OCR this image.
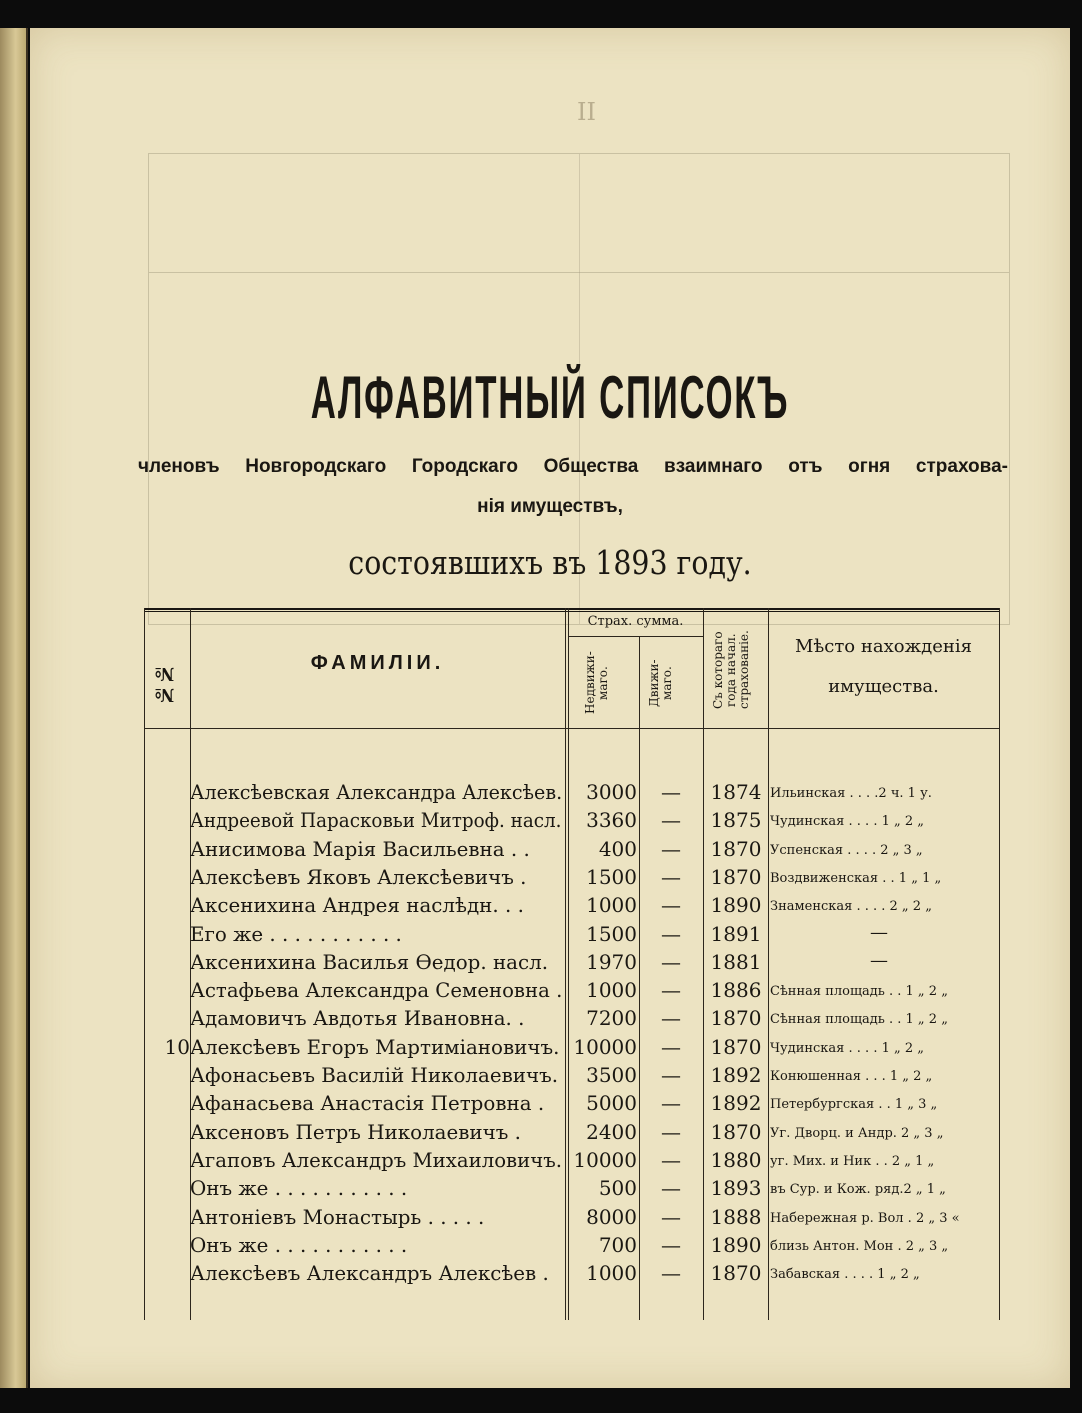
II
АЛФАВИТНЫЙ СПИСОКЪ
членовъ Новгородскаго Городскаго Общества взаимнаго отъ огня страхова-
нія имуществъ,
состоявшихъ въ 1893 году.
№№	ФАМИЛІИ.
Страх. сумма.
Недвижи-
маго.	Движи-
маго.
Съ котораго
года начал.
страхованіе.	Мѣсто нахожденія
имущества.
Алексѣевская Александра Алексѣев.	3000	—	1874 Ильинская . . . .2 ч. 1 у.
Андреевой Парасковьи Митроф. насл.	3360	—	1875 Чудинская . . . . 1 „ 2 „
Анисимова Марія Васильевна . .	400	—	1870 Успенская . . . . 2 „ 3 „
Алексѣевъ Яковъ Алексѣевичъ .	1500	—	1870 Воздвиженская . . 1 „ 1 „
Аксенихина Андрея наслѣдн. . .	1000	—	1890 Знаменская . . . . 2 „ 2 „
Его же . . . . . . . . . . .	1500	—	1891	—
Аксенихина Василья Ѳедор. насл.	1970	—	1881	—
Астафьева Александра Семеновна .	1000	—	1886 Сѣнная площадь . . 1 „ 2 „
Адамовичъ Авдотья Ивановна. .	7200	—	1870 Сѣнная площадь . . 1 „ 2 „
10 Алексѣевъ Егоръ Мартиміановичъ. 10000	—	1870 Чудинская . . . . 1 „ 2 „
Афонасьевъ Василій Николаевичъ.	3500	—	1892 Конюшенная . . . 1 „ 2 „
Афанасьева Анастасія Петровна .	5000	—	1892 Петербургская . . 1 „ 3 „
Аксеновъ Петръ Николаевичъ .	2400	—	1870 Уг. Дворц. и Андр. 2 „ 3 „
Агаповъ Александръ Михаиловичъ. 10000	—	1880 уг. Мих. и Ник . . 2 „ 1 „
Онъ же . . . . . . . . . . .	500	—	1893 въ Сур. и Кож. ряд.2 „ 1 „
Антоніевъ Монастырь . . . . .	8000	—	1888 Набережная р. Вол . 2 „ 3 «
Онъ же . . . . . . . . . . .	700	—	1890 близь Антон. Мон . 2 „ 3 „
Алексѣевъ Александръ Алексѣев .	1000	—	1870 Забавская . . . . 1 „ 2 „
